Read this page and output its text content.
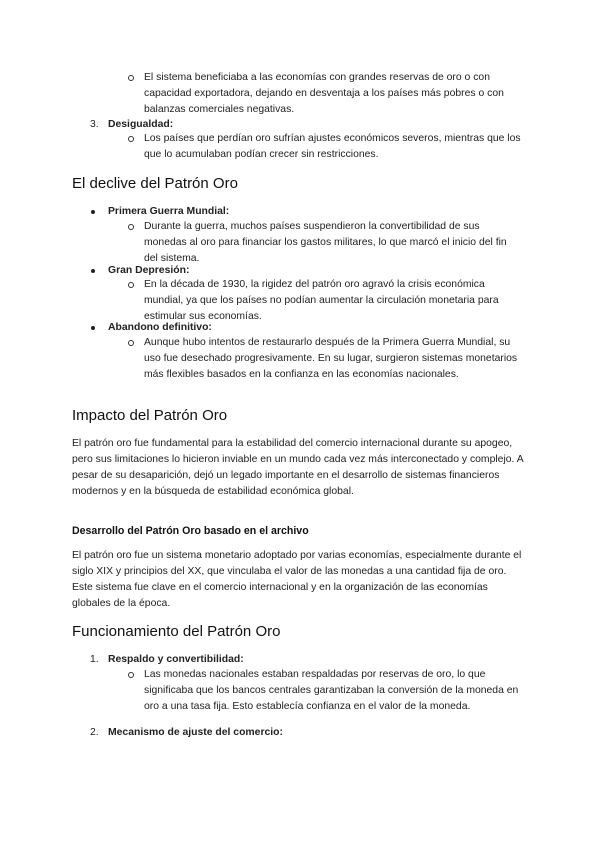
El sistema beneficiaba a las economías con grandes reservas de oro o con capacidad exportadora, dejando en desventaja a los países más pobres o con balanzas comerciales negativas.
3. Desigualdad:
Los países que perdían oro sufrían ajustes económicos severos, mientras que los que lo acumulaban podían crecer sin restricciones.
El declive del Patrón Oro
Primera Guerra Mundial:
Durante la guerra, muchos países suspendieron la convertibilidad de sus monedas al oro para financiar los gastos militares, lo que marcó el inicio del fin del sistema.
Gran Depresión:
En la década de 1930, la rigidez del patrón oro agravó la crisis económica mundial, ya que los países no podían aumentar la circulación monetaria para estimular sus economías.
Abandono definitivo:
Aunque hubo intentos de restaurarlo después de la Primera Guerra Mundial, su uso fue desechado progresivamente. En su lugar, surgieron sistemas monetarios más flexibles basados en la confianza en las economías nacionales.
Impacto del Patrón Oro

El patrón oro fue fundamental para la estabilidad del comercio internacional durante su apogeo, pero sus limitaciones lo hicieron inviable en un mundo cada vez más interconectado y complejo. A pesar de su desaparición, dejó un legado importante en el desarrollo de sistemas financieros modernos y en la búsqueda de estabilidad económica global.

Desarrollo del Patrón Oro basado en el archivo

El patrón oro fue un sistema monetario adoptado por varias economías, especialmente durante el siglo XIX y principios del XX, que vinculaba el valor de las monedas a una cantidad fija de oro. Este sistema fue clave en el comercio internacional y en la organización de las economías globales de la época.

Funcionamiento del Patrón Oro
1. Respaldo y convertibilidad:
Las monedas nacionales estaban respaldadas por reservas de oro, lo que significaba que los bancos centrales garantizaban la conversión de la moneda en oro a una tasa fija. Esto establecía confianza en el valor de la moneda.
2. Mecanismo de ajuste del comercio:
